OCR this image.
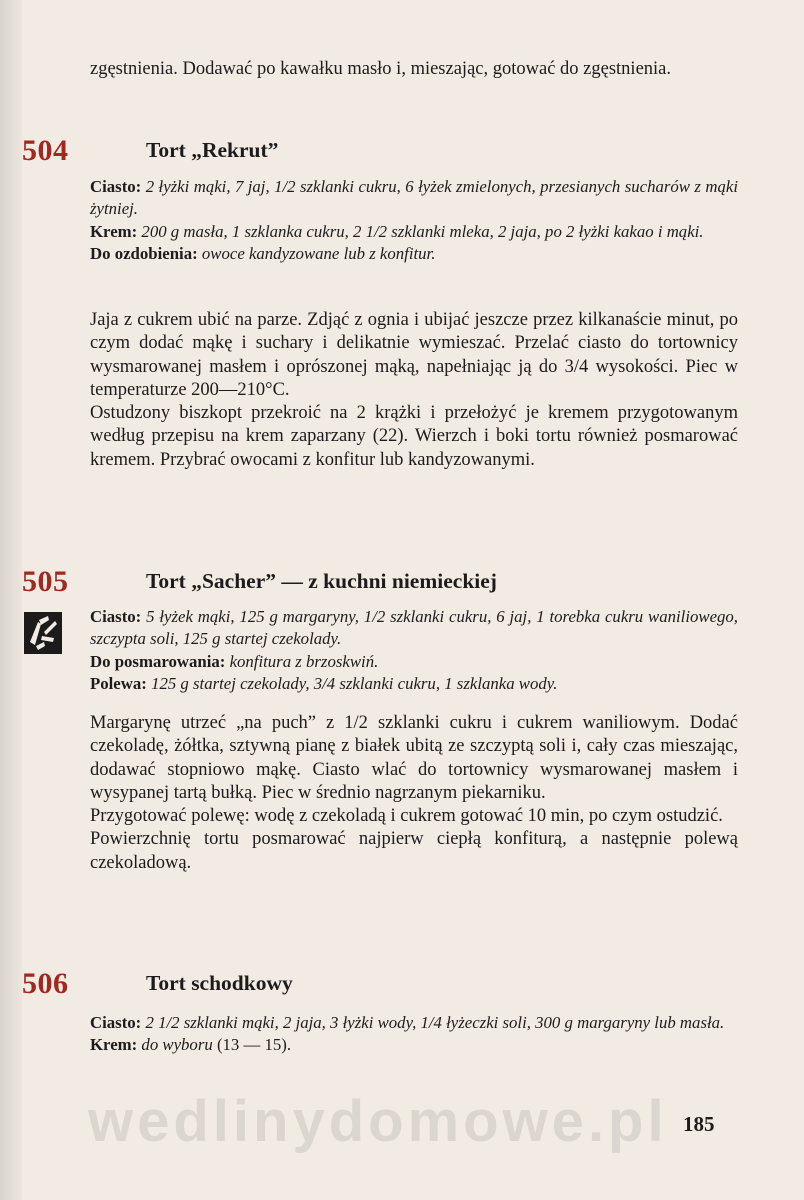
zgęstnienia. Dodawać po kawałku masło i, mieszając, gotować do zgęstnienia.

504	Tort „Rekrut”

Ciasto: 2 łyżki mąki, 7 jaj, 1/2 szklanki cukru, 6 łyżek zmielonych, przesianych sucharów z mąki żytniej.

Krem: 200 g masła, 1 szklanka cukru, 2 1/2 szklanki mleka, 2 jaja, po 2 łyżki kakao i mąki.

Do ozdobienia: owoce kandyzowane lub z konfitur.

Jaja z cukrem ubić na parze. Zdjąć z ognia i ubijać jeszcze przez kilkanaście minut, po czym dodać mąkę i suchary i delikatnie wymieszać. Przelać ciasto do tortownicy wysmarowanej masłem i oprószonej mąką, napełniając ją do 3/4 wysokości. Piec w temperaturze 200—210°C.

Ostudzony biszkopt przekroić na 2 krążki i przełożyć je kremem przygotowanym według przepisu na krem zaparzany (22). Wierzch i boki tortu również posmarować kremem. Przybrać owocami z konfitur lub kandyzowanymi.

505	Tort „Sacher” — z kuchni niemieckiej

Ciasto: 5 łyżek mąki, 125 g margaryny, 1/2 szklanki cukru, 6 jaj, 1 torebka cukru waniliowego, szczypta soli, 125 g startej czekolady.

Do posmarowania: konfitura z brzoskwiń.

Polewa: 125 g startej czekolady, 3/4 szklanki cukru, 1 szklanka wody.

Margarynę utrzeć „na puch” z 1/2 szklanki cukru i cukrem waniliowym. Dodać czekoladę, żółtka, sztywną pianę z białek ubitą ze szczyptą soli i, cały czas mieszając, dodawać stopniowo mąkę. Ciasto wlać do tortownicy wysmarowanej masłem i wysypanej tartą bułką. Piec w średnio nagrzanym piekarniku.

Przygotować polewę: wodę z czekoladą i cukrem gotować 10 min, po czym ostudzić.

Powierzchnię tortu posmarować najpierw ciepłą konfiturą, a następnie polewą czekoladową.

506	Tort schodkowy

Ciasto: 2 1/2 szklanki mąki, 2 jaja, 3 łyżki wody, 1/4 łyżeczki soli, 300 g margaryny lub masła.

Krem: do wyboru (13 — 15).

185
wedlinydomowe.pl
